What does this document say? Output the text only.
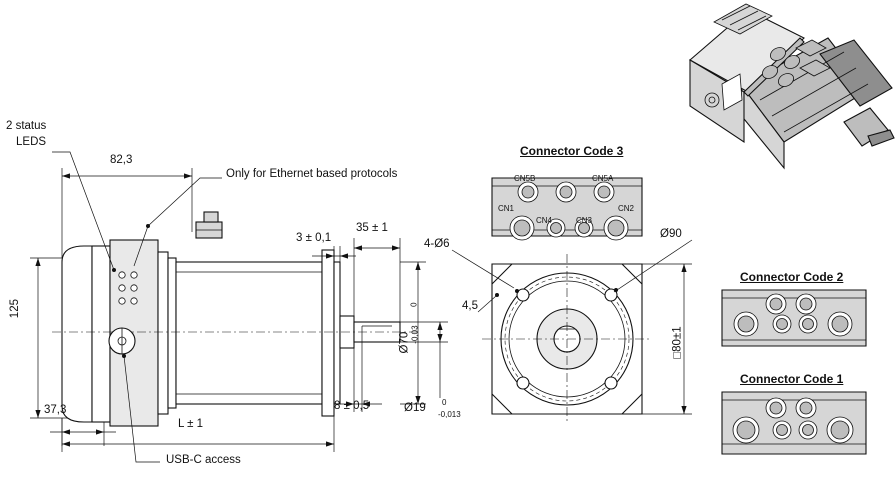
2 status
LEDS
Only for Ethernet based protocols
USB-C access
82,3
125
37,3
L ± 1
3 ± 0,1
35 ± 1
8 ± 0,5
Ø70
0
-0,03
Ø19 0
-0,013
4-Ø6
Ø90
4,5
□80±1
Connector Code 3
Connector Code 2
Connector Code 1
CN5B	CN5A
CN1
CN4	CN3
CN2
